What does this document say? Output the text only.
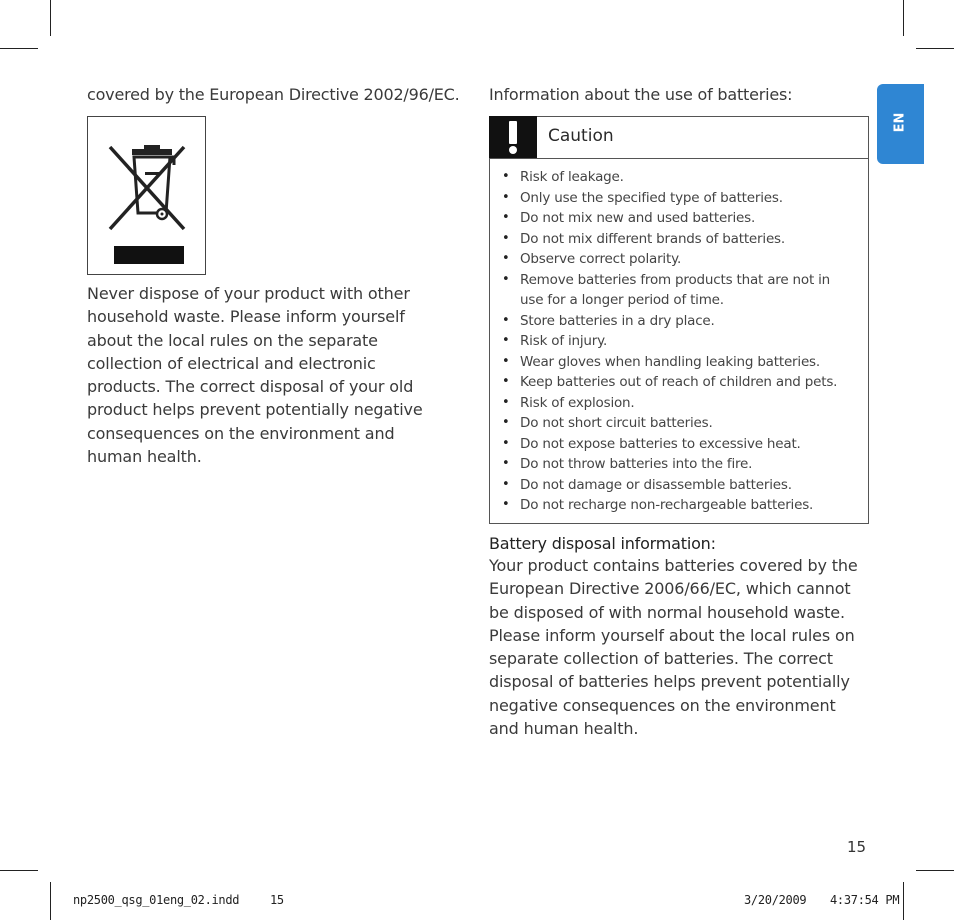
covered by the European Directive 2002/96/EC.

Never dispose of your product with other household waste. Please inform yourself about the local rules on the separate collection of electrical and electronic products. The correct disposal of your old product helps prevent potentially negative consequences on the environment and human health.

Information about the use of batteries:

Caution
• Risk of leakage.
• Only use the specified type of batteries.
• Do not mix new and used batteries.
• Do not mix different brands of batteries.
• Observe correct polarity.
• Remove batteries from products that are not in use for a longer period of time.
• Store batteries in a dry place.
• Risk of injury.
• Wear gloves when handling leaking batteries.
• Keep batteries out of reach of children and pets.
• Risk of explosion.
• Do not short circuit batteries.
• Do not expose batteries to excessive heat.
• Do not throw batteries into the fire.
• Do not damage or disassemble batteries.
• Do not recharge non-rechargeable batteries.

Battery disposal information:

Your product contains batteries covered by the European Directive 2006/66/EC, which cannot be disposed of with normal household waste. Please inform yourself about the local rules on separate collection of batteries. The correct disposal of batteries helps prevent potentially negative consequences on the environment and human health.

EN
15
np2500_qsg_01eng_02.indd	15	3/20/2009 4:37:54 PM
